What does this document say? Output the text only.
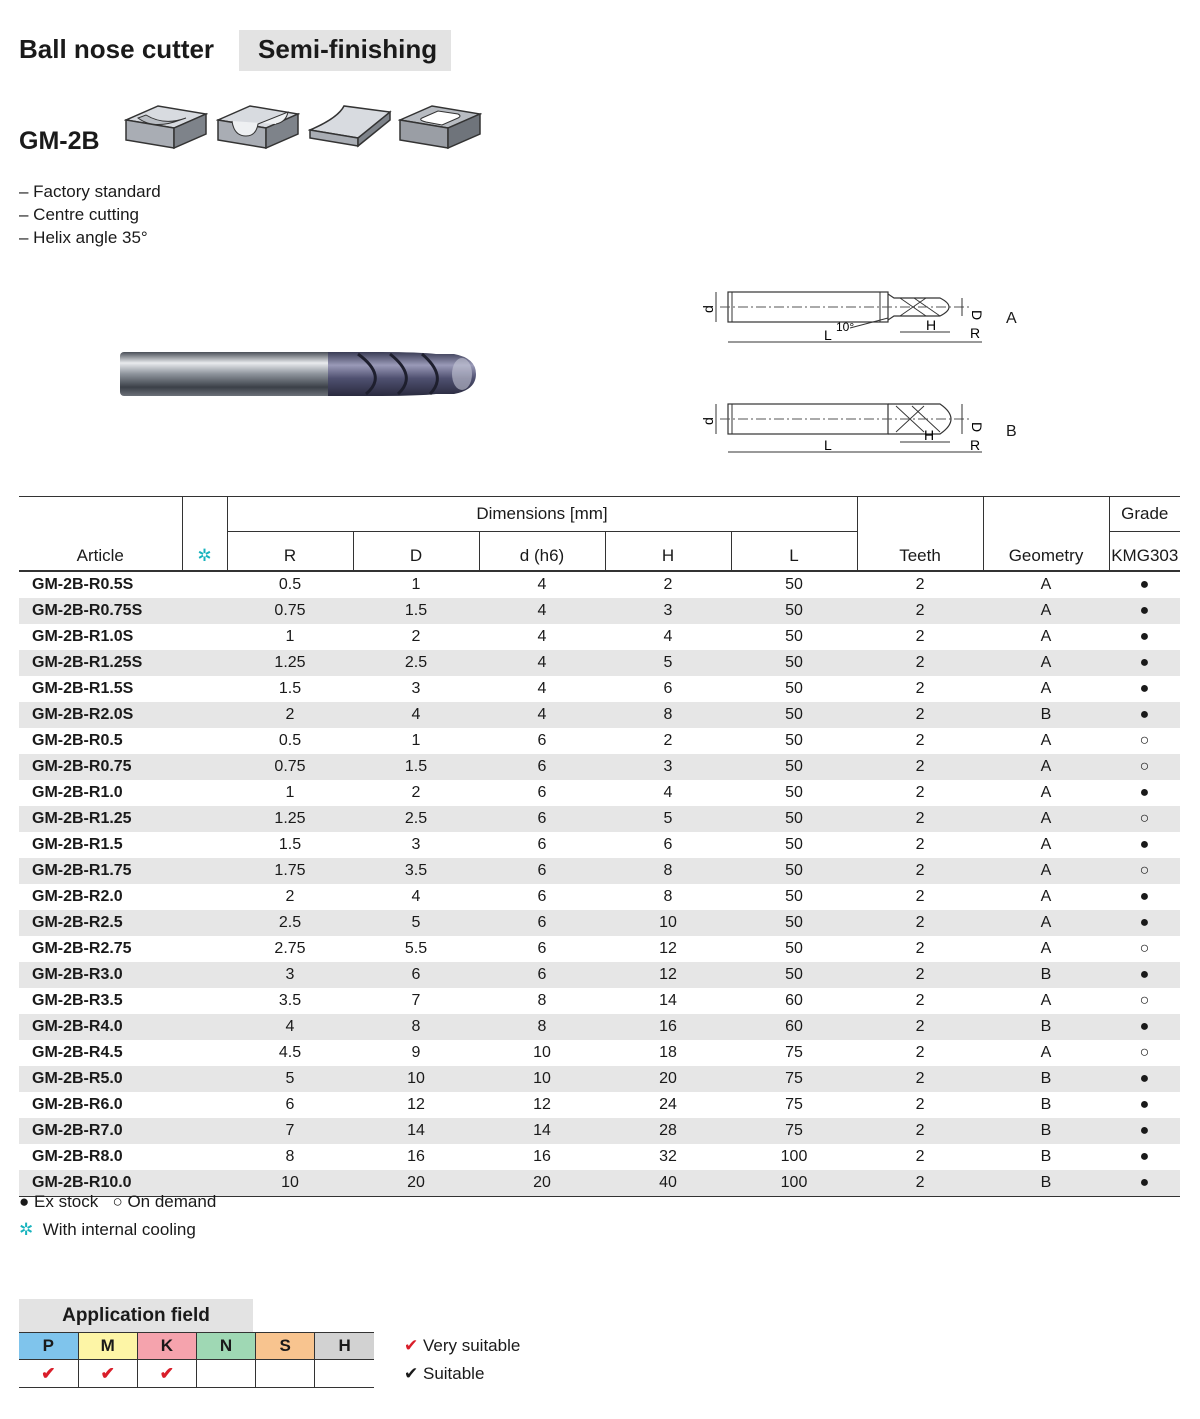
Ball nose cutter Semi-finishing
GM-2B
– Factory standard
– Centre cutting
– Helix angle 35°
d
L 10°	H R
D A
d
L
H
R
D B
Article	✲	Dimensions [mm]					Teeth	Geometry	Grade
		R	D	d (h6)	H	L			KMG303
GM-2B-R0.5S		0.5	1	4	2	50	2	A	●
GM-2B-R0.75S		0.75	1.5	4	3	50	2	A	●
GM-2B-R1.0S		1	2	4	4	50	2	A	●
GM-2B-R1.25S		1.25	2.5	4	5	50	2	A	●
GM-2B-R1.5S		1.5	3	4	6	50	2	A	●
GM-2B-R2.0S		2	4	4	8	50	2	B	●
GM-2B-R0.5		0.5	1	6	2	50	2	A	○
GM-2B-R0.75		0.75	1.5	6	3	50	2	A	○
GM-2B-R1.0		1	2	6	4	50	2	A	●
GM-2B-R1.25		1.25	2.5	6	5	50	2	A	○
GM-2B-R1.5		1.5	3	6	6	50	2	A	●
GM-2B-R1.75		1.75	3.5	6	8	50	2	A	○
GM-2B-R2.0		2	4	6	8	50	2	A	●
GM-2B-R2.5		2.5	5	6	10	50	2	A	●
GM-2B-R2.75		2.75	5.5	6	12	50	2	A	○
GM-2B-R3.0		3	6	6	12	50	2	B	●
GM-2B-R3.5		3.5	7	8	14	60	2	A	○
GM-2B-R4.0		4	8	8	16	60	2	B	●
GM-2B-R4.5		4.5	9	10	18	75	2	A	○
GM-2B-R5.0		5	10	10	20	75	2	B	●
GM-2B-R6.0		6	12	12	24	75	2	B	●
GM-2B-R7.0		7	14	14	28	75	2	B	●
GM-2B-R8.0		8	16	16	32	100	2	B	●
GM-2B-R10.0		10	20	20	40	100	2	B	●
● Ex stock ○ On demand
✲ With internal cooling
Application field
P	M	K	N	S	H
✔	✔	✔			
✔ Very suitable
✔ Suitable
